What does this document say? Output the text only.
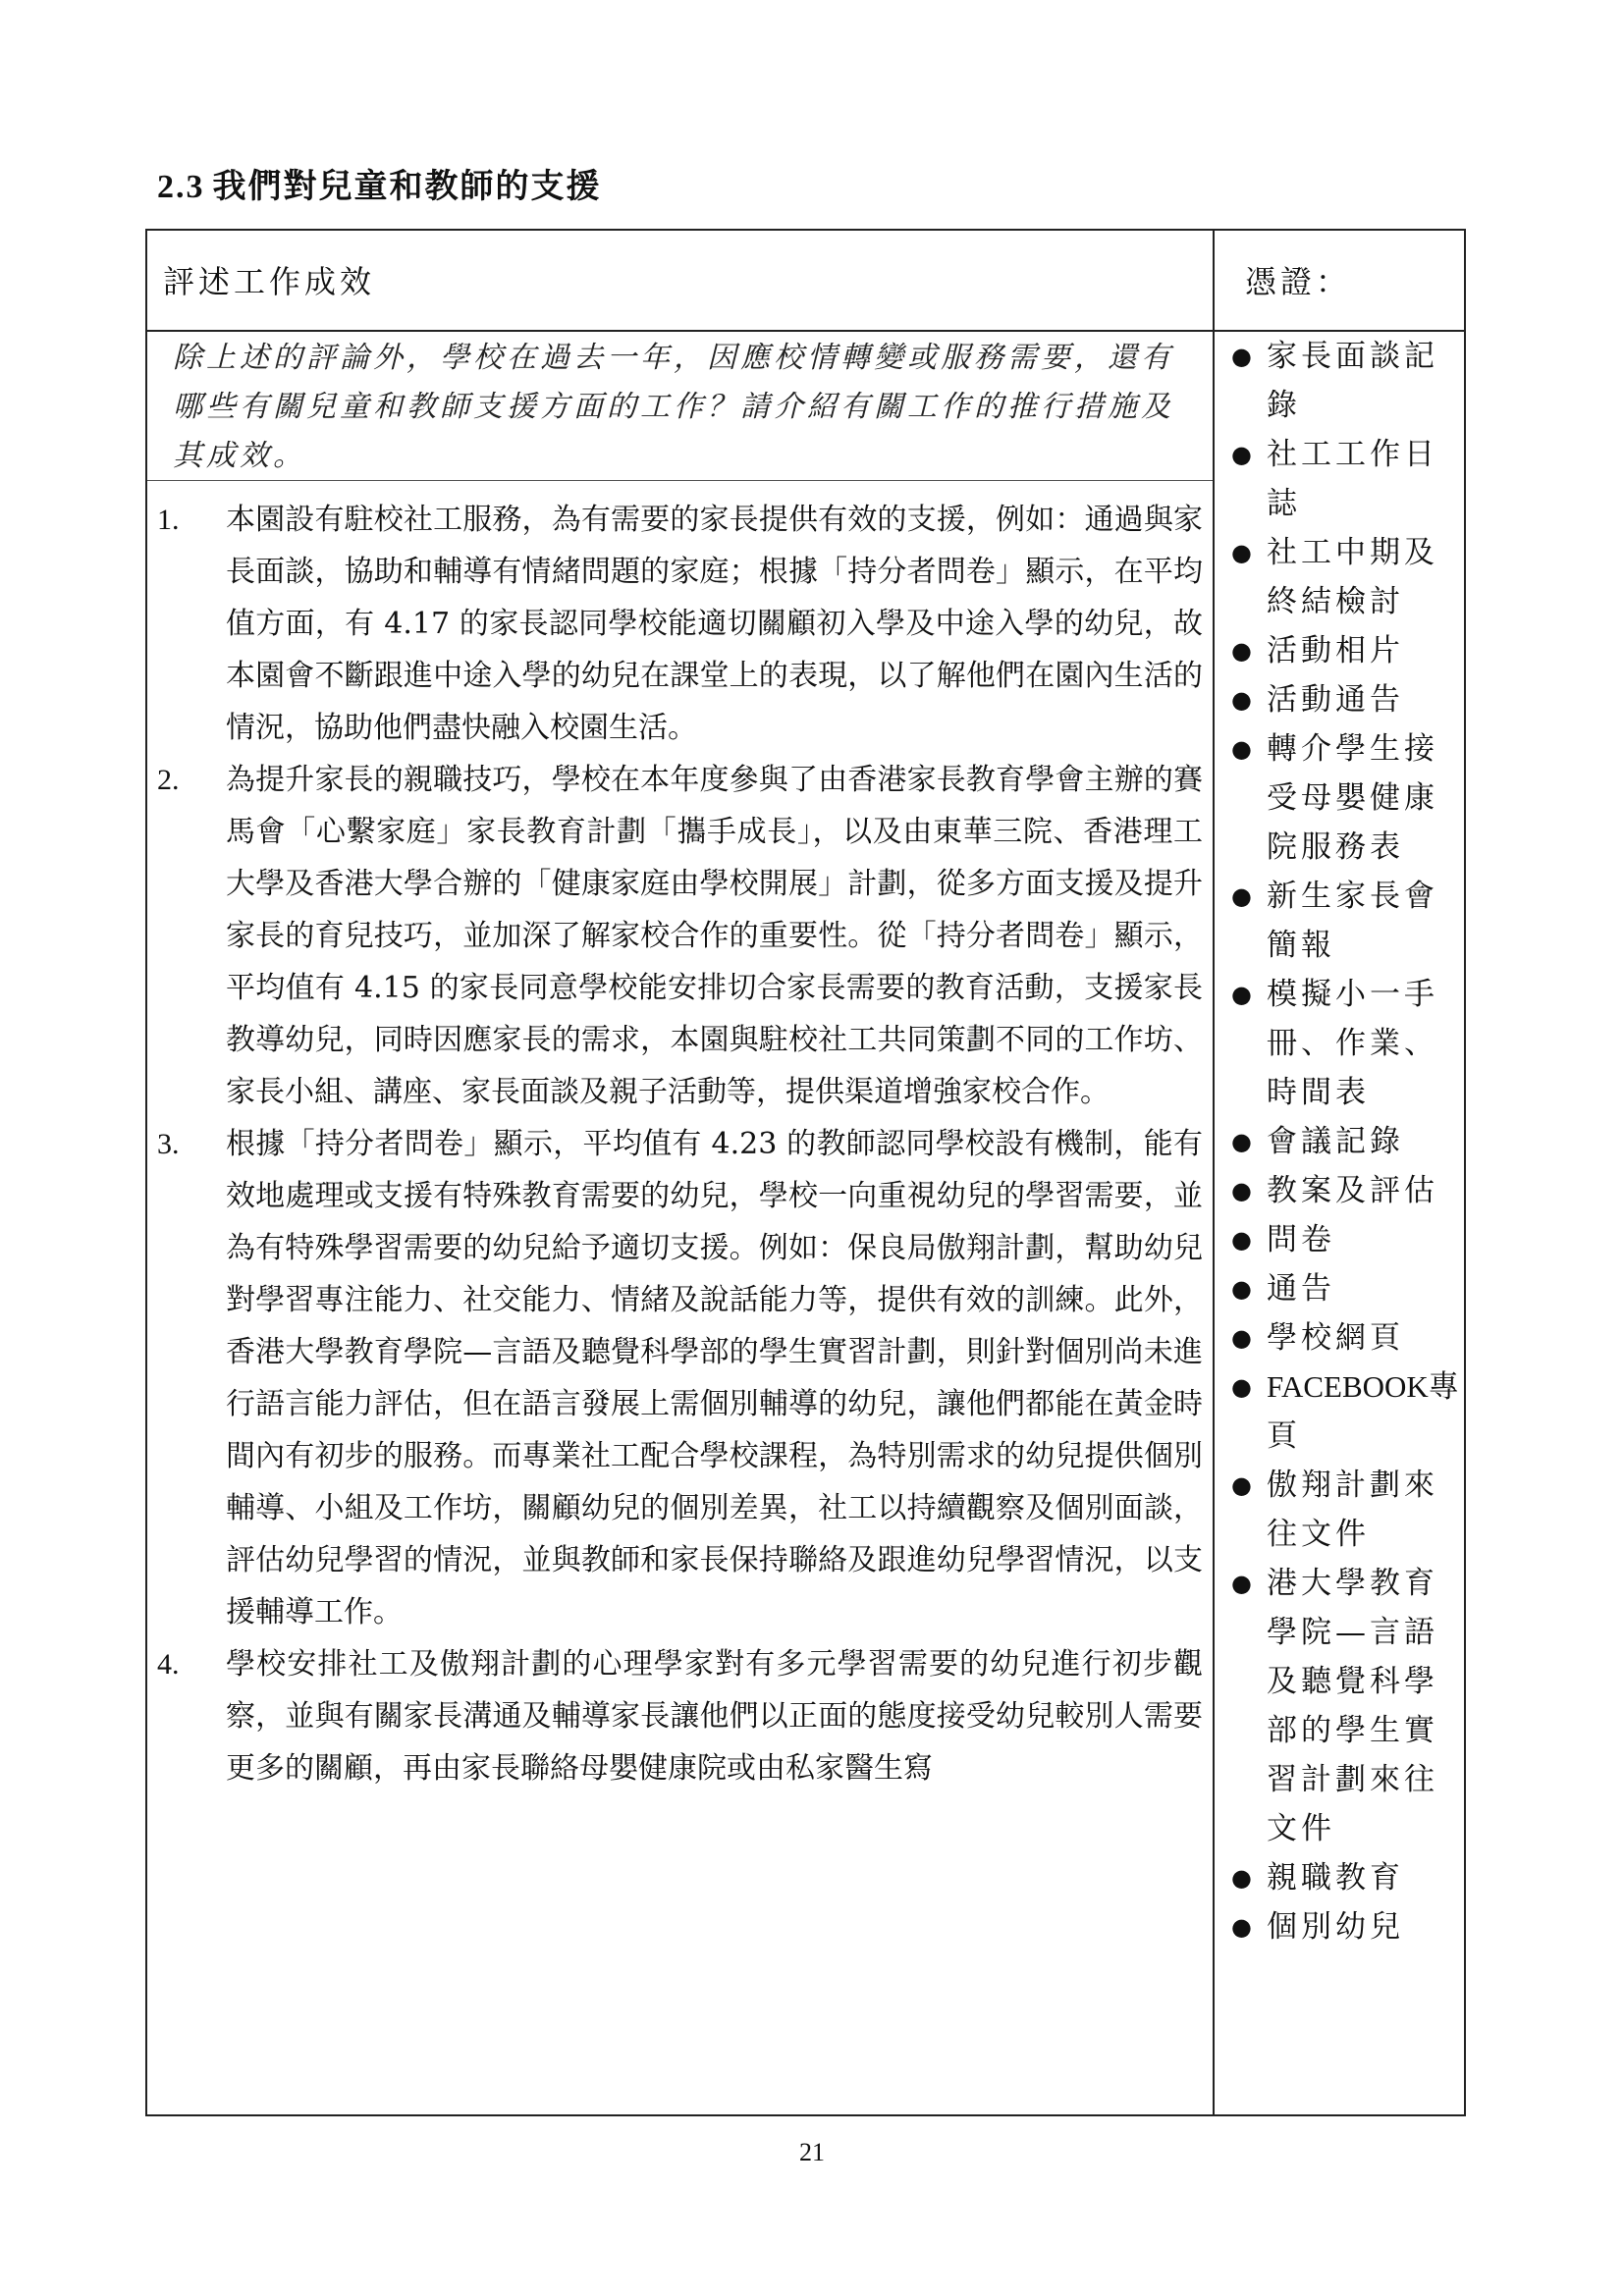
2.3 我們對兒童和教師的支援
評述工作成效	憑證：

除上述的評論外，學校在過去一年，因應校情轉變或服務需要，還有哪些有關兒童和教師支援方面的工作？請介紹有關工作的推行措施及其成效。

1. 本園設有駐校社工服務，為有需要的家長提供有效的支援，例如：通過與家長面談，協助和輔導有情緒問題的家庭；根據「持分者問卷」顯示，在平均值方面，有 4.17 的家長認同學校能適切關顧初入學及中途入學的幼兒，故本園會不斷跟進中途入學的幼兒在課堂上的表現，以了解他們在園內生活的情況，協助他們盡快融入校園生活。
2. 為提升家長的親職技巧，學校在本年度參與了由香港家長教育學會主辦的賽馬會「心繫家庭」家長教育計劃「攜手成長」，以及由東華三院、香港理工大學及香港大學合辦的「健康家庭由學校開展」計劃，從多方面支援及提升家長的育兒技巧，並加深了解家校合作的重要性。從「持分者問卷」顯示，平均值有 4.15 的家長同意學校能安排切合家長需要的教育活動，支援家長教導幼兒，同時因應家長的需求，本園與駐校社工共同策劃不同的工作坊、家長小組、講座、家長面談及親子活動等，提供渠道增強家校合作。
3. 根據「持分者問卷」顯示，平均值有 4.23 的教師認同學校設有機制，能有效地處理或支援有特殊教育需要的幼兒，學校一向重視幼兒的學習需要，並為有特殊學習需要的幼兒給予適切支援。例如：保良局傲翔計劃，幫助幼兒對學習專注能力、社交能力、情緒及說話能力等，提供有效的訓練。此外，香港大學教育學院—言語及聽覺科學部的學生實習計劃，則針對個別尚未進行語言能力評估，但在語言發展上需個別輔導的幼兒，讓他們都能在黃金時間內有初步的服務。而專業社工配合學校課程，為特別需求的幼兒提供個別輔導、小組及工作坊，關顧幼兒的個別差異，社工以持續觀察及個別面談，評估幼兒學習的情況，並與教師和家長保持聯絡及跟進幼兒學習情況，以支援輔導工作。
4. 學校安排社工及傲翔計劃的心理學家對有多元學習需要的幼兒進行初步觀察，並與有關家長溝通及輔導家長讓他們以正面的態度接受幼兒較別人需要更多的關顧，再由家長聯絡母嬰健康院或由私家醫生寫
● 家長面談記錄
● 社工工作日誌
● 社工中期及終結檢討
● 活動相片
● 活動通告
● 轉介學生接受母嬰健康院服務表
● 新生家長會簡報
● 模擬小一手冊、作業、時間表
● 會議記錄
● 教案及評估
● 問卷
● 通告
● 學校網頁
● FACEBOOK專頁
● 傲翔計劃來往文件
● 港大學教育學院—言語及聽覺科學部的學生實習計劃來往文件
● 親職教育
● 個別幼兒
21
